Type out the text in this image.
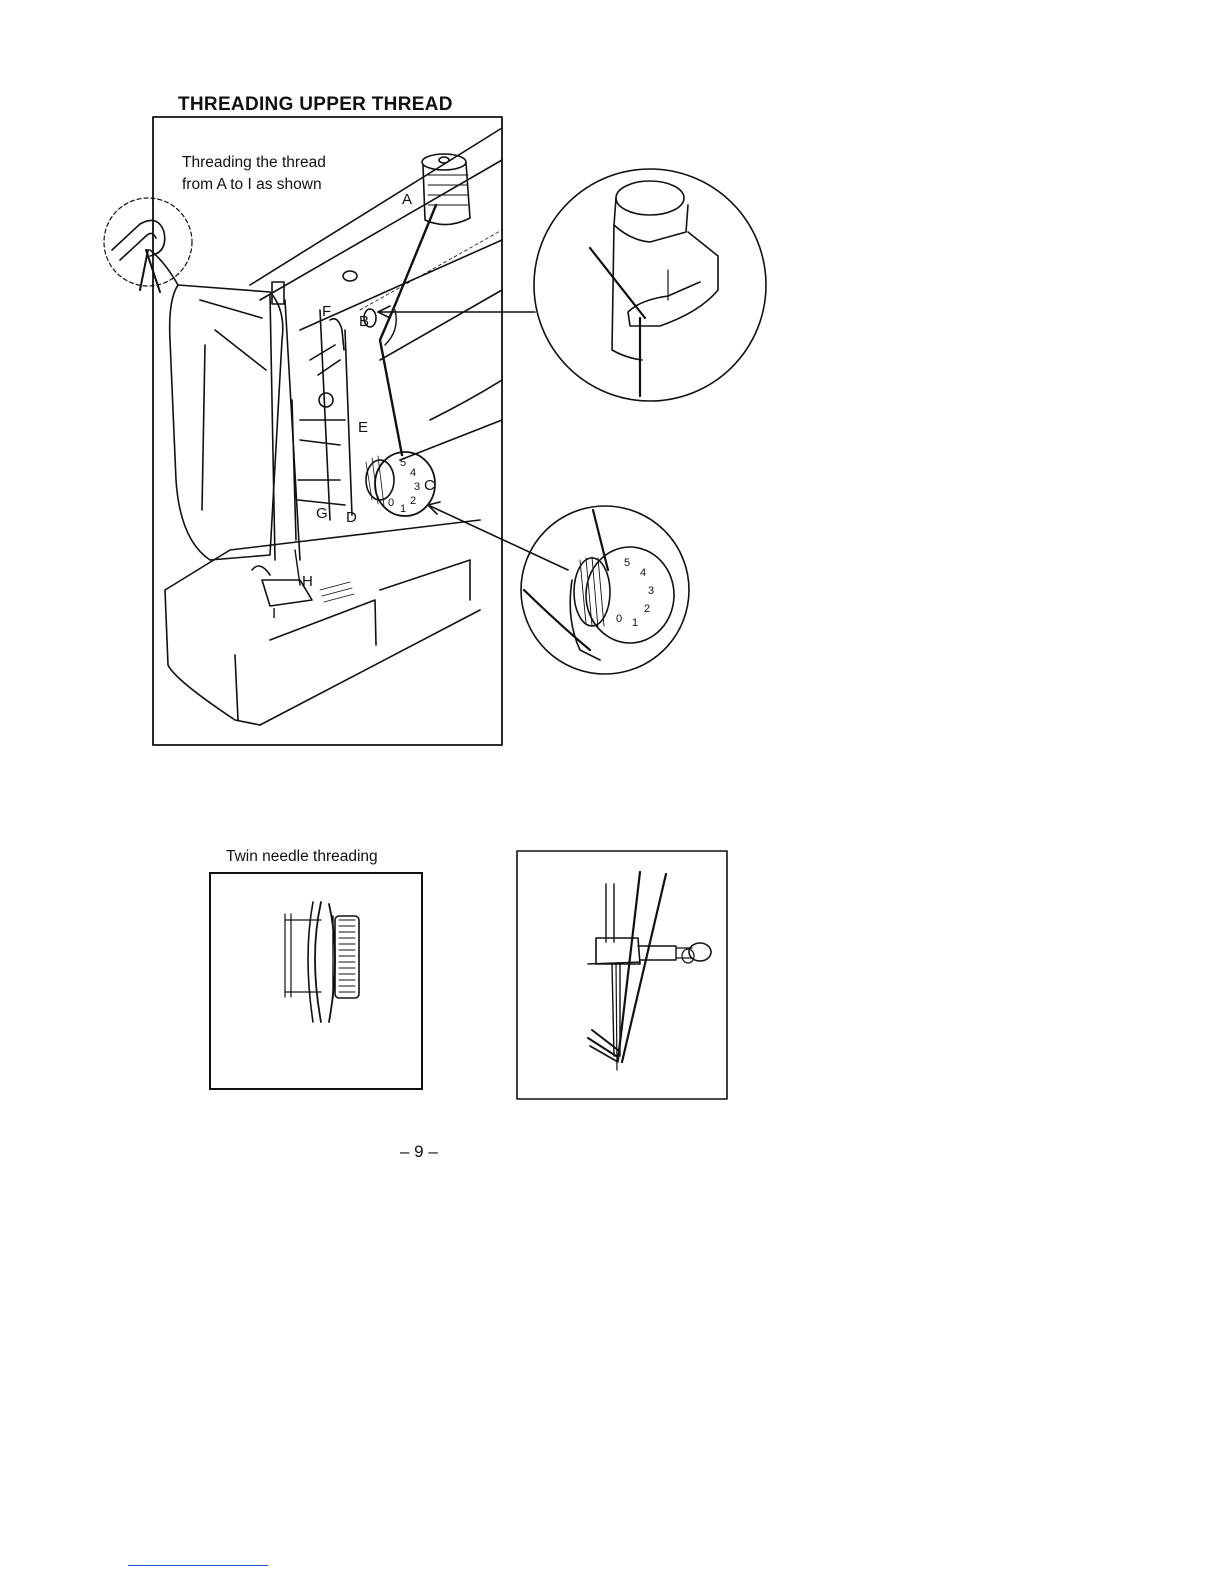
THREADING UPPER THREAD
A
B
C
D
E
F
G
H
I
5
4
3
2
1
0
5
4
3
2
1
0
Threading the thread
from A to I as shown
Twin needle threading
– 9 –
